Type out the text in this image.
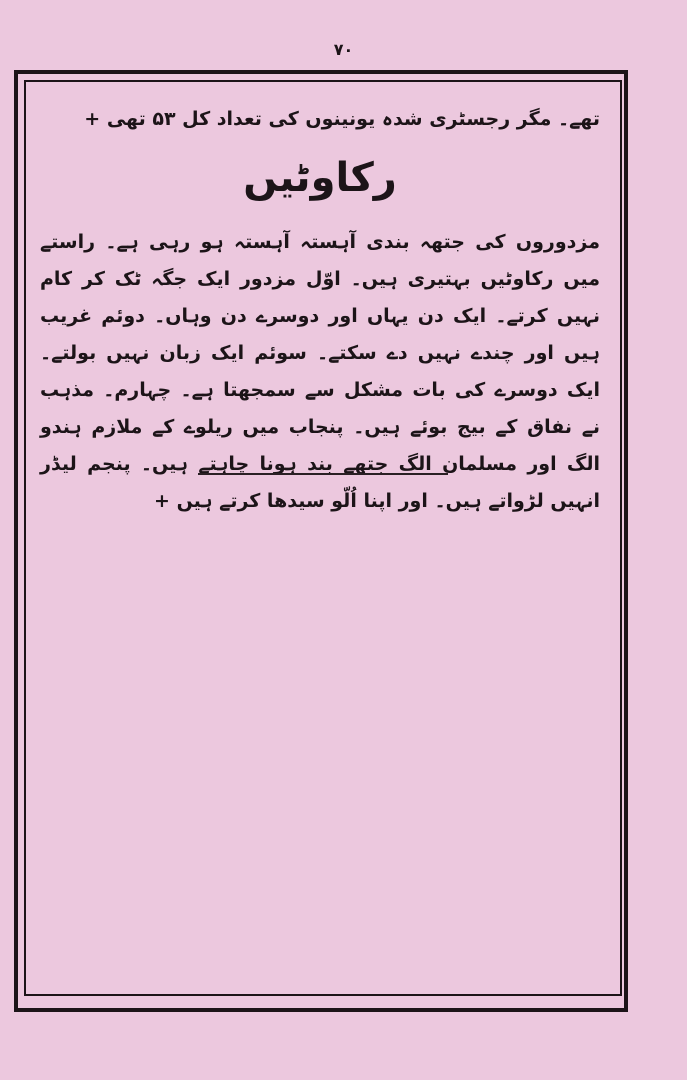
٧٠

تھے۔ مگر رجسٹری شدہ یونینوں کی تعداد کل ۵۳ تھی +

رکاوٹیں

مزدوروں کی جتھہ بندی آہستہ آہستہ ہو رہی ہے۔ راستے میں رکاوٹیں بہتیری ہیں۔ اوّل مزدور ایک جگہ ٹک کر کام نہیں کرتے۔ ایک دن یہاں اور دوسرے دن وہاں۔ دوئم غریب ہیں اور چندے نہیں دے سکتے۔ سوئم ایک زبان نہیں بولتے۔ ایک دوسرے کی بات مشکل سے سمجھتا ہے۔ چہارم۔ مذہب نے نفاق کے بیج بوئے ہیں۔ پنجاب میں ریلوے کے ملازم ہندو الگ اور مسلمان الگ جتھے بند ہونا چاہتے ہیں۔ پنجم لیڈر انہیں لڑواتے ہیں۔ اور اپنا اُلّو سیدھا کرتے ہیں +
